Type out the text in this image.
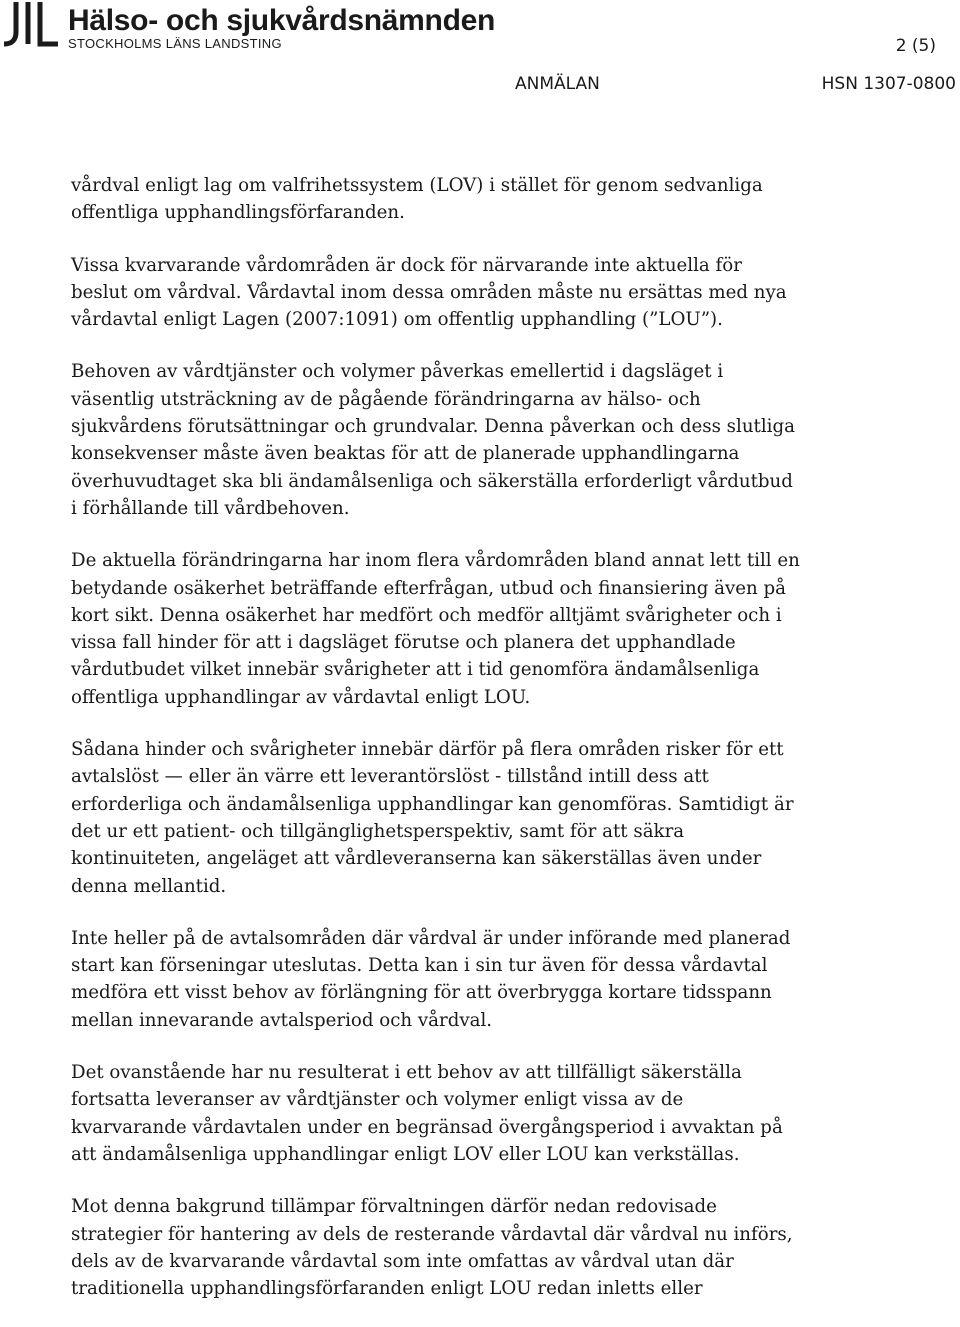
Hälso- och sjukvårdsnämnden
STOCKHOLMS LÄNS LANDSTING	2 (5)
ANMÄLAN	HSN 1307-0800

vårdval enligt lag om valfrihetssystem (LOV) i stället för genom sedvanliga offentliga upphandlingsförfaranden.

Vissa kvarvarande vårdområden är dock för närvarande inte aktuella för beslut om vårdval. Vårdavtal inom dessa områden måste nu ersättas med nya vårdavtal enligt Lagen (2007:1091) om offentlig upphandling (”LOU”).

Behoven av vårdtjänster och volymer påverkas emellertid i dagsläget i väsentlig utsträckning av de pågående förändringarna av hälso- och sjukvårdens förutsättningar och grundvalar. Denna påverkan och dess slutliga konsekvenser måste även beaktas för att de planerade upphandlingarna överhuvudtaget ska bli ändamålsenliga och säkerställa erforderligt vårdutbud i förhållande till vårdbehoven.

De aktuella förändringarna har inom flera vårdområden bland annat lett till en betydande osäkerhet beträffande efterfrågan, utbud och finansiering även på kort sikt. Denna osäkerhet har medfört och medför alltjämt svårigheter och i vissa fall hinder för att i dagsläget förutse och planera det upphandlade vårdutbudet vilket innebär svårigheter att i tid genomföra ändamålsenliga offentliga upphandlingar av vårdavtal enligt LOU.

Sådana hinder och svårigheter innebär därför på flera områden risker för ett avtalslöst — eller än värre ett leverantörslöst - tillstånd intill dess att erforderliga och ändamålsenliga upphandlingar kan genomföras. Samtidigt är det ur ett patient- och tillgänglighetsperspektiv, samt för att säkra kontinuiteten, angeläget att vårdleveranserna kan säkerställas även under denna mellantid.

Inte heller på de avtalsområden där vårdval är under införande med planerad start kan förseningar uteslutas. Detta kan i sin tur även för dessa vårdavtal medföra ett visst behov av förlängning för att överbrygga kortare tidsspann mellan innevarande avtalsperiod och vårdval.

Det ovanstående har nu resulterat i ett behov av att tillfälligt säkerställa fortsatta leveranser av vårdtjänster och volymer enligt vissa av de kvarvarande vårdavtalen under en begränsad övergångsperiod i avvaktan på att ändamålsenliga upphandlingar enligt LOV eller LOU kan verkställas.

Mot denna bakgrund tillämpar förvaltningen därför nedan redovisade strategier för hantering av dels de resterande vårdavtal där vårdval nu införs, dels av de kvarvarande vårdavtal som inte omfattas av vårdval utan där traditionella upphandlingsförfaranden enligt LOU redan inletts eller
